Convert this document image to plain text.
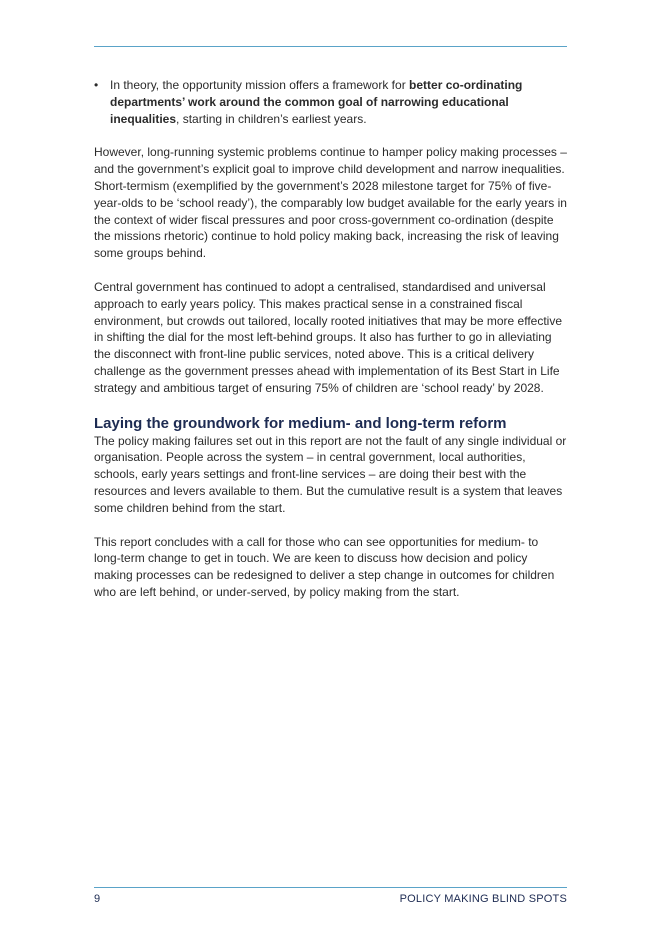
• In theory, the opportunity mission offers a framework for better co-ordinating departments’ work around the common goal of narrowing educational inequalities, starting in children’s earliest years.

However, long-running systemic problems continue to hamper policy making processes – and the government’s explicit goal to improve child development and narrow inequalities. Short-termism (exemplified by the government’s 2028 milestone target for 75% of five-year-olds to be ‘school ready’), the comparably low budget available for the early years in the context of wider fiscal pressures and poor cross-government co-ordination (despite the missions rhetoric) continue to hold policy making back, increasing the risk of leaving some groups behind.

Central government has continued to adopt a centralised, standardised and universal approach to early years policy. This makes practical sense in a constrained fiscal environment, but crowds out tailored, locally rooted initiatives that may be more effective in shifting the dial for the most left-behind groups. It also has further to go in alleviating the disconnect with front-line public services, noted above. This is a critical delivery challenge as the government presses ahead with implementation of its Best Start in Life strategy and ambitious target of ensuring 75% of children are ‘school ready’ by 2028.

Laying the groundwork for medium- and long-term reform

The policy making failures set out in this report are not the fault of any single individual or organisation. People across the system – in central government, local authorities, schools, early years settings and front-line services – are doing their best with the resources and levers available to them. But the cumulative result is a system that leaves some children behind from the start.

This report concludes with a call for those who can see opportunities for medium- to long-term change to get in touch. We are keen to discuss how decision and policy making processes can be redesigned to deliver a step change in outcomes for children who are left behind, or under-served, by policy making from the start.

9	POLICY MAKING BLIND SPOTS
